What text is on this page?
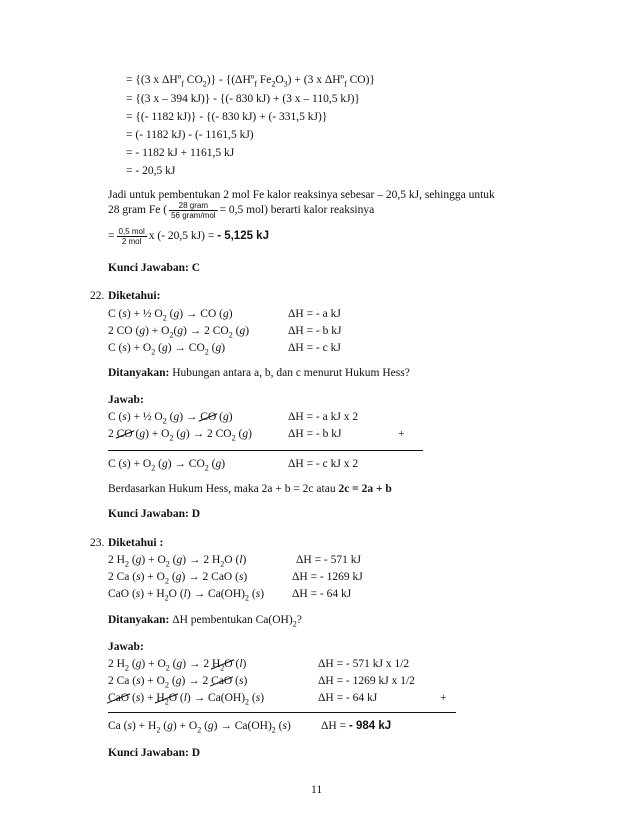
= {(3 x ΔHº$_f$ $CO_2$)} - {(ΔHº$_f$ $Fe_2O_3) + (3$ x ΔHº$_f$ CO)}
= {(3 x – 394 kJ)} - {(- 830 kJ) + (3 x – 110,5 kJ)}
= {(- 1182 kJ)} - {(- 830 kJ) + (- 331,5 kJ)}
= (- 1182 kJ) - (- 1161,5 kJ)
= - 1182 kJ + 1161,5 kJ
= - 20,5 kJ
Jadi untuk pembentukan 2 mol Fe kalor reaksinya sebesar – 20,5 kJ, sehingga untuk
28 gram Fe ( $\frac{\text{28 gram}}{\text{56 gram/mol}} = 0,5$ mol) berarti kalor reaksinya
= $\frac{\text{0,5 mol}}{\text{2 mol}}$ x (- 20,5 kJ) = - 5,125 kJ
Kunci Jawaban: C
22. Diketahui:
C (s) + ½ $O_2$ (g) → CO (g)	ΔH = - a kJ
2 CO $(g) + O_2(g) \to 2$ $CO_2$ (g)	ΔH = - b kJ
C $(s) + O_2$ $(g) \to CO_2$ (g)	ΔH = - c kJ
Ditanyakan: Hubungan antara a, b, dan c menurut Hukum Hess?
Jawab:
C (s) + ½ $O_2$ (g) → CO (g)	ΔH = - a kJ x 2
2 CO $(g) + O_2$ (g) → 2 $CO_2$ (g)	ΔH = - b kJ	+
C $(s) + O_2$ $(g) \to CO_2$ (g)	ΔH = - c kJ x 2
Berdasarkan Hukum Hess, maka 2a + b = 2c atau 2c = 2a + b
Kunci Jawaban: D
23. Diketahui :
2 $H_2$ $(g) + O_2$ (g) → 2 $H_2O$ (l)	ΔH = - 571 kJ
2 Ca $(s) + O_2$ (g) → 2 CaO (s)	ΔH = - 1269 kJ
CaO $(s) + H_2O$ $(l) \to Ca(OH)_2$ (s) ΔH = - 64 kJ
Ditanyakan: ΔH pembentukan $Ca(OH)_2$?
Jawab:
2 $H_2$ $(g) + O_2$ (g) → 2 $H_2O$ (l)	ΔH = - 571 kJ x 1/2
2 Ca $(s) + O_2$ (g) → 2 CaO (s)	ΔH = - 1269 kJ x 1/2
CaO $(s) + H_2O$ $(l) \to Ca(OH)_2$ (s)	ΔH = - 64 kJ	+
Ca $(s) + H_2$ $(g) + O_2$ $(g) \to Ca(OH)_2$ (s)	ΔH = - 984 kJ
Kunci Jawaban: D
11
